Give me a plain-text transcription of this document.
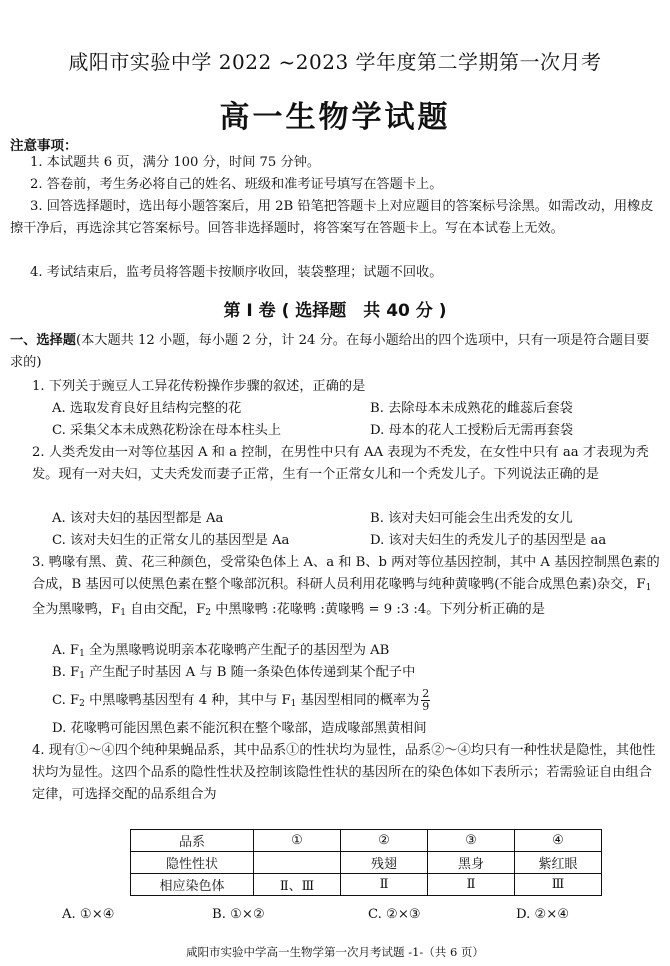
咸阳市实验中学 2022 ~2023 学年度第二学期第一次月考
高一生物学试题
注意事项：
1. 本试题共 6 页，满分 100 分，时间 75 分钟。
2. 答卷前，考生务必将自己的姓名、班级和准考证号填写在答题卡上。
3. 回答选择题时，选出每小题答案后，用 2B 铅笔把答题卡上对应题目的答案标号涂黑。如需改动，用橡皮擦干净后，再选涂其它答案标号。回答非选择题时，将答案写在答题卡上。写在本试卷上无效。
4. 考试结束后，监考员将答题卡按顺序收回，装袋整理；试题不回收。
第 Ⅰ 卷 ( 选择题　共 40 分 )
一、选择题(本大题共 12 小题，每小题 2 分，计 24 分。在每小题给出的四个选项中，只有一项是符合题目要求的)
1. 下列关于豌豆人工异花传粉操作步骤的叙述，正确的是
A. 选取发育良好且结构完整的花	B. 去除母本未成熟花的雌蕊后套袋
C. 采集父本未成熟花粉涂在母本柱头上	D. 母本的花人工授粉后无需再套袋
2. 人类秃发由一对等位基因 A 和 a 控制，在男性中只有 AA 表现为不秃发，在女性中只有 aa 才表现为秃发。现有一对夫妇，丈夫秃发而妻子正常，生有一个正常女儿和一个秃发儿子。下列说法正确的是
A. 该对夫妇的基因型都是 Aa	B. 该对夫妇可能会生出秃发的女儿
C. 该对夫妇生的正常女儿的基因型是 Aa	D. 该对夫妇生的秃发儿子的基因型是 aa
3. 鸭喙有黑、黄、花三种颜色，受常染色体上 A、a 和 B、b 两对等位基因控制，其中 A 基因控制黑色素的合成，B 基因可以使黑色素在整个喙部沉积。科研人员利用花喙鸭与纯种黄喙鸭(不能合成黑色素)杂交，$F_1$ 全为黑喙鸭，$F_1$ 自由交配，$F_2$ 中黑喙鸭 :花喙鸭 :黄喙鸭 = 9 :3 :4。下列分析正确的是
A. $F_1$ 全为黑喙鸭说明亲本花喙鸭产生配子的基因型为 AB
B. $F_1$ 产生配子时基因 A 与 B 随一条染色体传递到某个配子中
C. $F_2$ 中黑喙鸭基因型有 4 种，其中与 $F_1$ 基因型相同的概率为 $\frac{2}{9}$
D. 花喙鸭可能因黑色素不能沉积在整个喙部，造成喙部黑黄相间
4. 现有①～④四个纯种果蝇品系，其中品系①的性状均为显性，品系②～④均只有一种性状是隐性，其他性状均为显性。这四个品系的隐性性状及控制该隐性性状的基因所在的染色体如下表所示；若需验证自由组合定律，可选择交配的品系组合为
品系	①	②	③	④
隐性性状		残翅	黑身	紫红眼
相应染色体	Ⅱ、Ⅲ	Ⅱ	Ⅱ	Ⅲ
A. ①×④	B. ①×②	C. ②×③	D. ②×④
咸阳市实验中学高一生物学第一次月考试题 -1-（共 6 页）
